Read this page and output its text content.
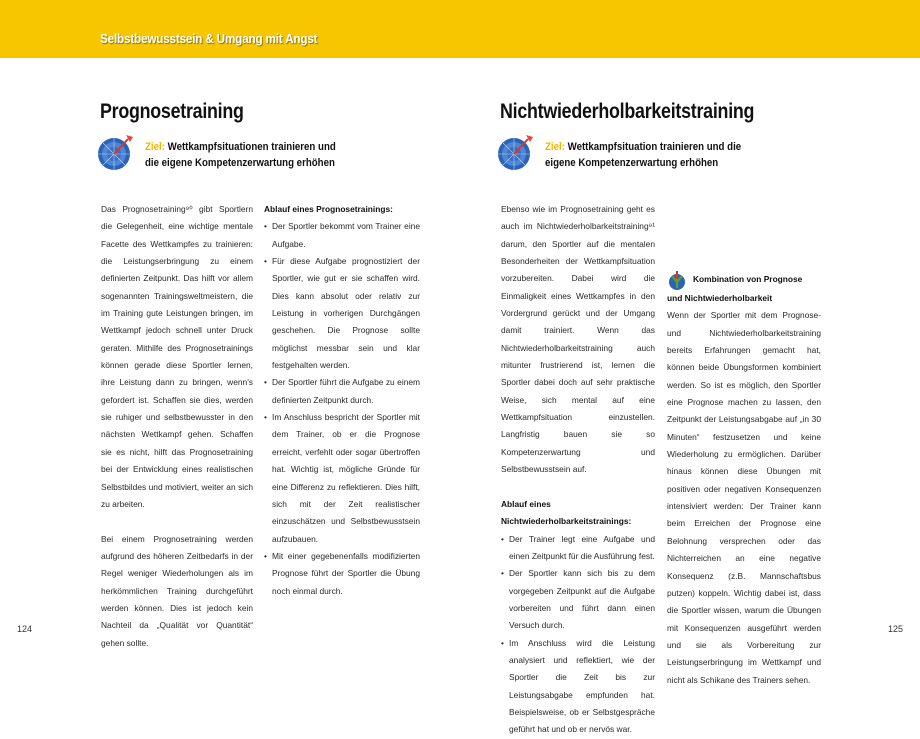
Selbstbewusstsein & Umgang mit Angst
Prognosetraining
Ziel: Wettkampfsituationen trainieren und
die eigene Kompetenzerwartung erhöhen

Das Prognosetraining⁹⁰ gibt Sportlern die Gelegenheit, eine wichtige mentale Facette des Wettkampfes zu trainieren: die Leistungserbringung zu einem definierten Zeitpunkt. Das hilft vor allem sogenannten Trainingsweltmeistern, die im Training gute Leistungen bringen, im Wettkampf jedoch schnell unter Druck geraten. Mithilfe des Prognosetrainings können gerade diese Sportler lernen, ihre Leistung dann zu bringen, wenn's gefordert ist. Schaffen sie dies, werden sie ruhiger und selbstbewusster in den nächsten Wettkampf gehen. Schaffen sie es nicht, hilft das Prognosetraining bei der Entwicklung eines realistischen Selbstbildes und motiviert, weiter an sich zu arbeiten.

Bei einem Prognosetraining werden aufgrund des höheren Zeitbedarfs in der Regel weniger Wiederholungen als im herkömmlichen Training durchgeführt werden können. Dies ist jedoch kein Nachteil da „Qualität vor Quantität“ gehen sollte.

Ablauf eines Prognosetrainings:

• Der Sportler bekommt vom Trainer eine Aufgabe.
• Für diese Aufgabe prognostiziert der Sportler, wie gut er sie schaffen wird. Dies kann absolut oder relativ zur Leistung in vorherigen Durchgängen geschehen. Die Prognose sollte möglichst messbar sein und klar festgehalten werden.
• Der Sportler führt die Aufgabe zu einem definierten Zeitpunkt durch.
• Im Anschluss bespricht der Sportler mit dem Trainer, ob er die Prognose erreicht, verfehlt oder sogar übertroffen hat. Wichtig ist, mögliche Gründe für eine Differenz zu reflektieren. Dies hilft, sich mit der Zeit realistischer einzuschätzen und Selbstbewusstsein aufzubauen.
• Mit einer gegebenenfalls modifizierten Prognose führt der Sportler die Übung noch einmal durch.
124
Nichtwiederholbarkeitstraining
Ziel: Wettkampfsituation trainieren und die
eigene Kompetenzerwartung erhöhen

Ebenso wie im Prognosetraining geht es auch im Nichtwiederholbarkeitstraining⁹¹ darum, den Sportler auf die mentalen Besonderheiten der Wettkampfsituation vorzubereiten. Dabei wird die Einmaligkeit eines Wettkampfes in den Vordergrund gerückt und der Umgang damit trainiert. Wenn das Nichtwiederholbarkeitstraining auch mitunter frustrierend ist, lernen die Sportler dabei doch auf sehr praktische Weise, sich mental auf eine Wettkampfsituation einzustellen. Langfristig bauen sie so Kompetenzerwartung und Selbstbewusstsein auf.

Ablauf eines

Nichtwiederholbarkeitstrainings:

• Der Trainer legt eine Aufgabe und einen Zeitpunkt für die Ausführung fest.
• Der Sportler kann sich bis zu dem vorgegeben Zeitpunkt auf die Aufgabe vorbereiten und führt dann einen Versuch durch.
• Im Anschluss wird die Leistung analysiert und reflektiert, wie der Sportler die Zeit bis zur Leistungsabgabe empfunden hat. Beispielsweise, ob er Selbstgespräche geführt hat und ob er nervös war.
Kombination von Prognose

und Nichtwiederholbarkeit

Wenn der Sportler mit dem Prognose- und Nichtwiederholbarkeitstraining bereits Erfahrungen gemacht hat, können beide Übungsformen kombiniert werden. So ist es möglich, den Sportler eine Prognose machen zu lassen, den Zeitpunkt der Leistungsabgabe auf „in 30 Minuten“ festzusetzen und keine Wiederholung zu ermöglichen. Darüber hinaus können diese Übungen mit positiven oder negativen Konsequenzen intensiviert werden: Der Trainer kann beim Erreichen der Prognose eine Belohnung versprechen oder das Nichterreichen an eine negative Konsequenz (z.B. Mannschaftsbus putzen) koppeln. Wichtig dabei ist, dass die Sportler wissen, warum die Übungen mit Konsequenzen ausgeführt werden und sie als Vorbereitung zur Leistungserbringung im Wettkampf und nicht als Schikane des Trainers sehen.

125
